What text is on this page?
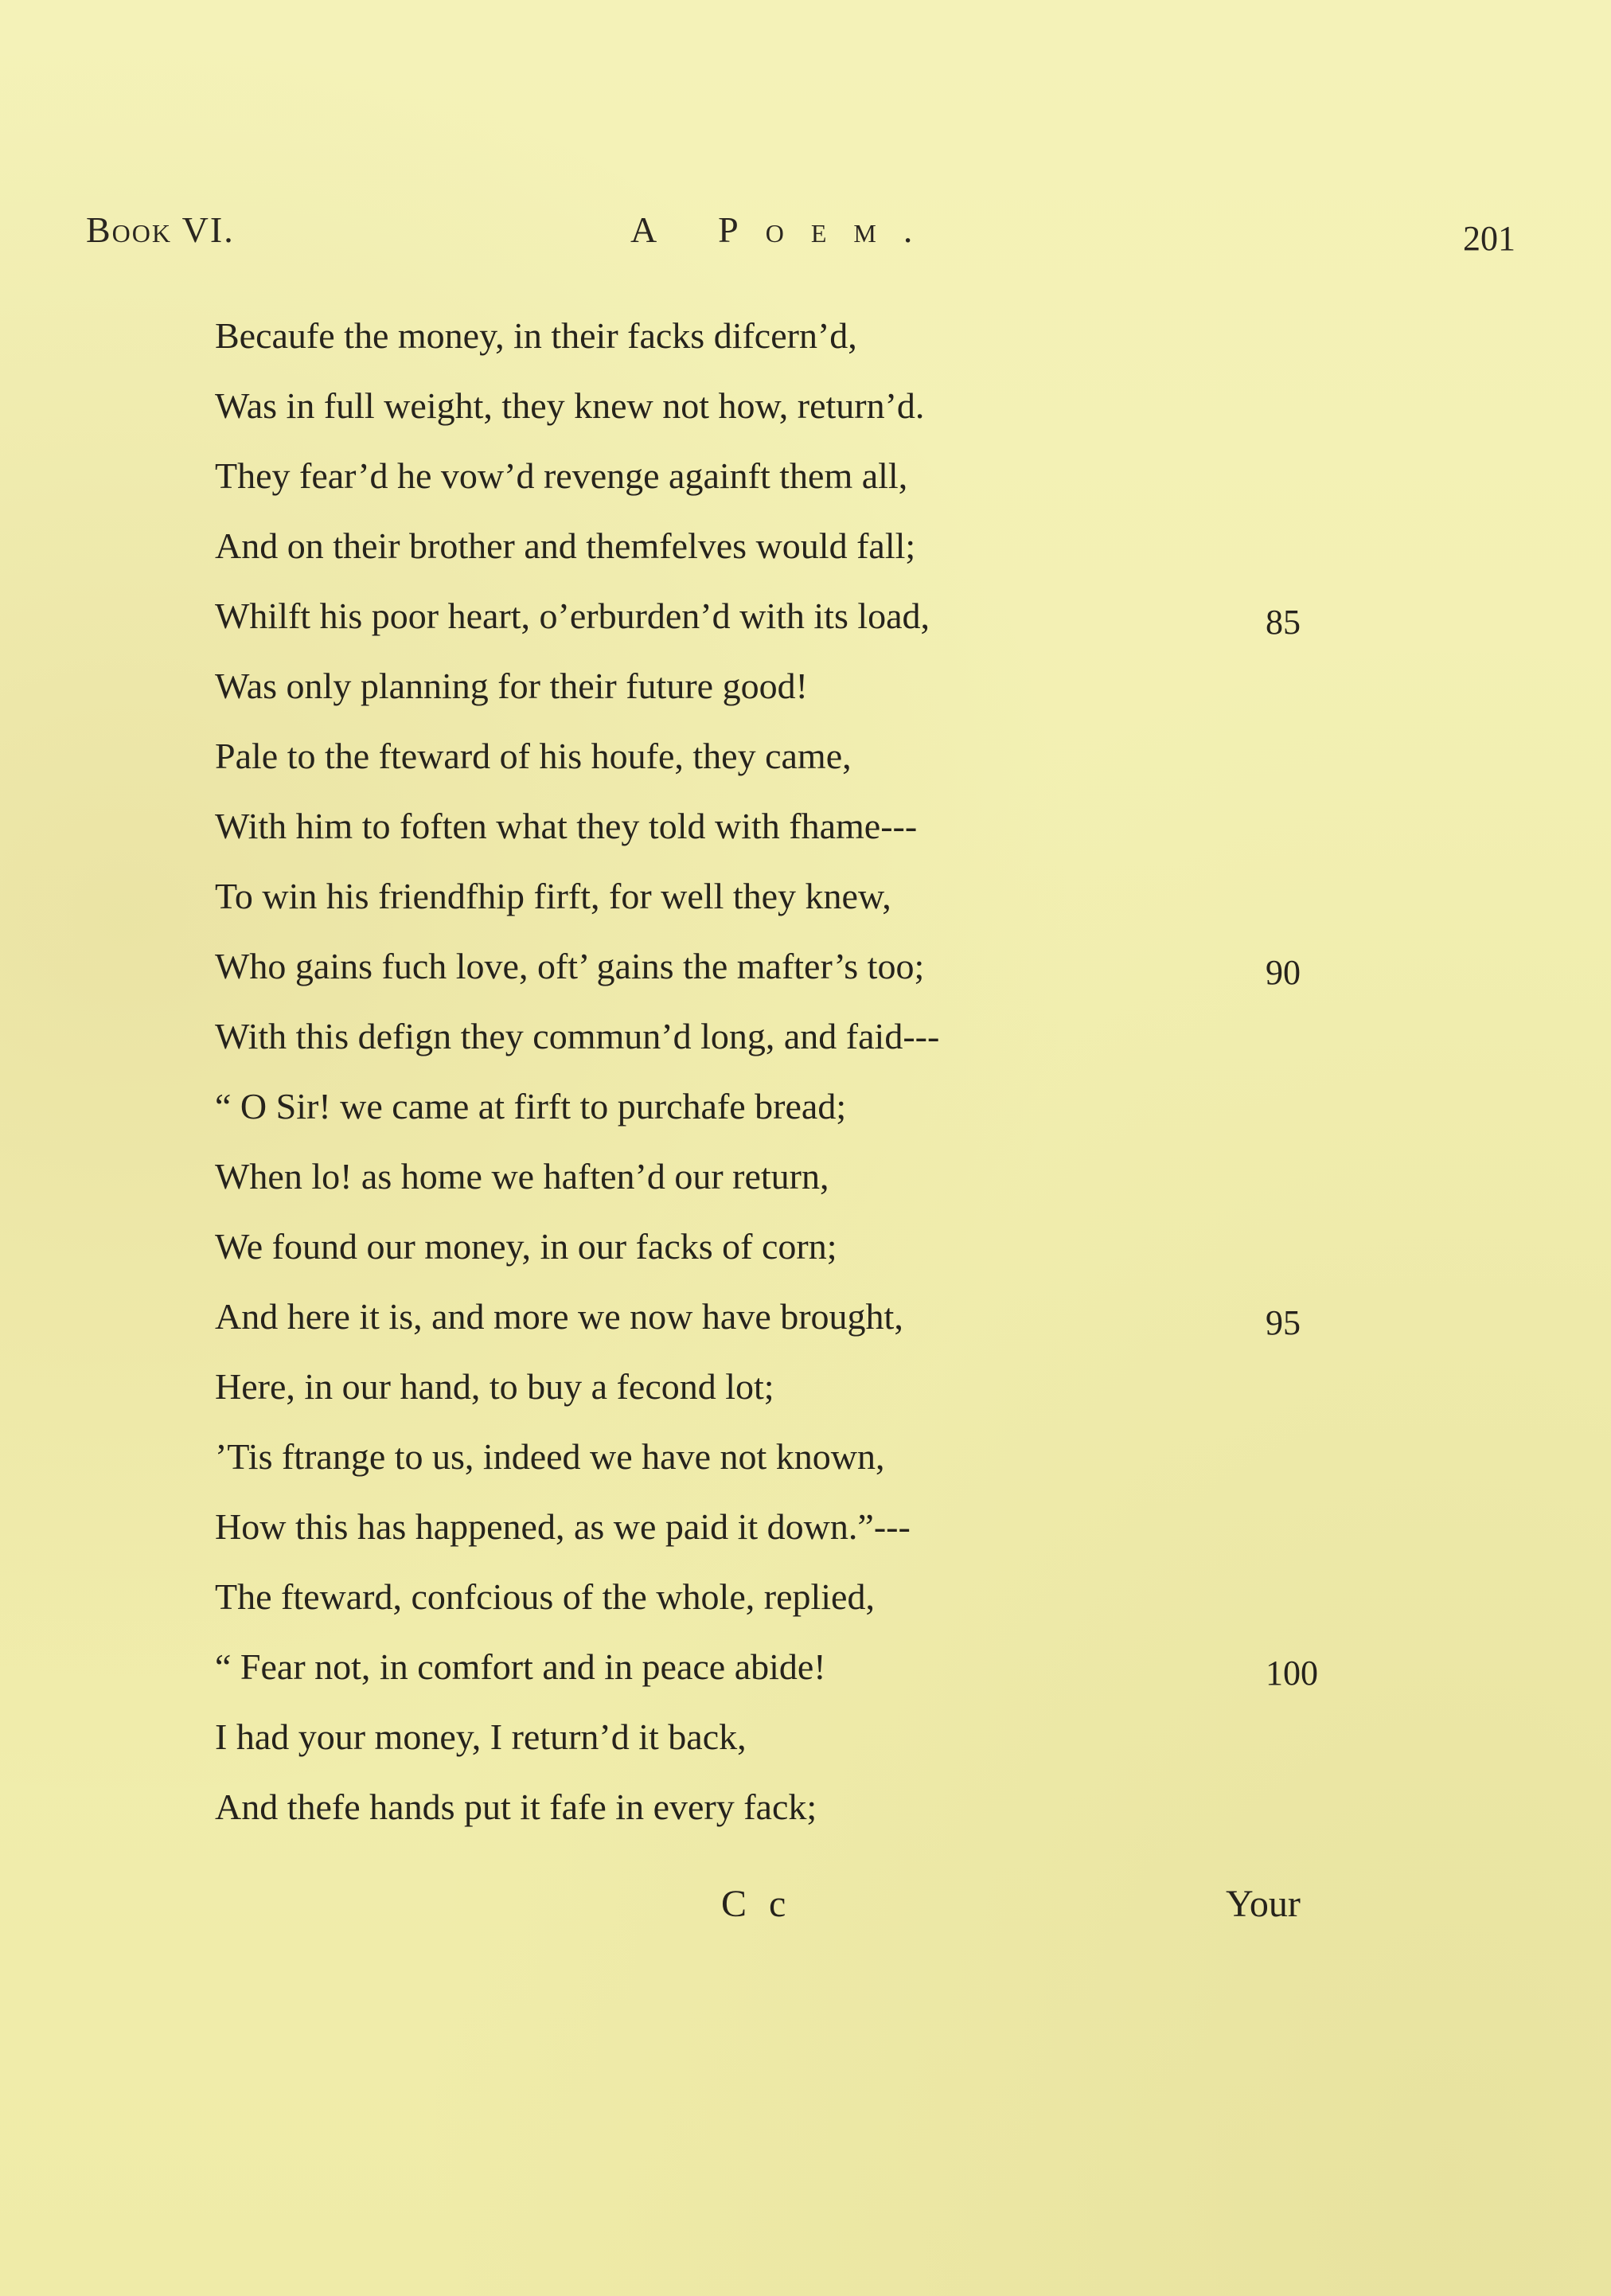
Book VI.	A Poem.	201
Becaufe the money, in their facks difcern’d,
Was in full weight, they knew not how, return’d.
They fear’d he vow’d revenge againft them all,
And on their brother and themfelves would fall;
Whilft his poor heart, o’erburden’d with its load,	85
Was only planning for their future good!
Pale to the fteward of his houfe, they came,
With him to foften what they told with fhame---
To win his friendfhip firft, for well they knew,
Who gains fuch love, oft’ gains the mafter’s too;	90
With this defign they commun’d long, and faid---
“ O Sir! we came at firft to purchafe bread;
When lo! as home we haften’d our return,
We found our money, in our facks of corn;
And here it is, and more we now have brought,	95
Here, in our hand, to buy a fecond lot;
’Tis ftrange to us, indeed we have not known,
How this has happened, as we paid it down.”---
The fteward, confcious of the whole, replied,
“ Fear not, in comfort and in peace abide!	100
I had your money, I return’d it back,
And thefe hands put it fafe in every fack;
C c	Your
